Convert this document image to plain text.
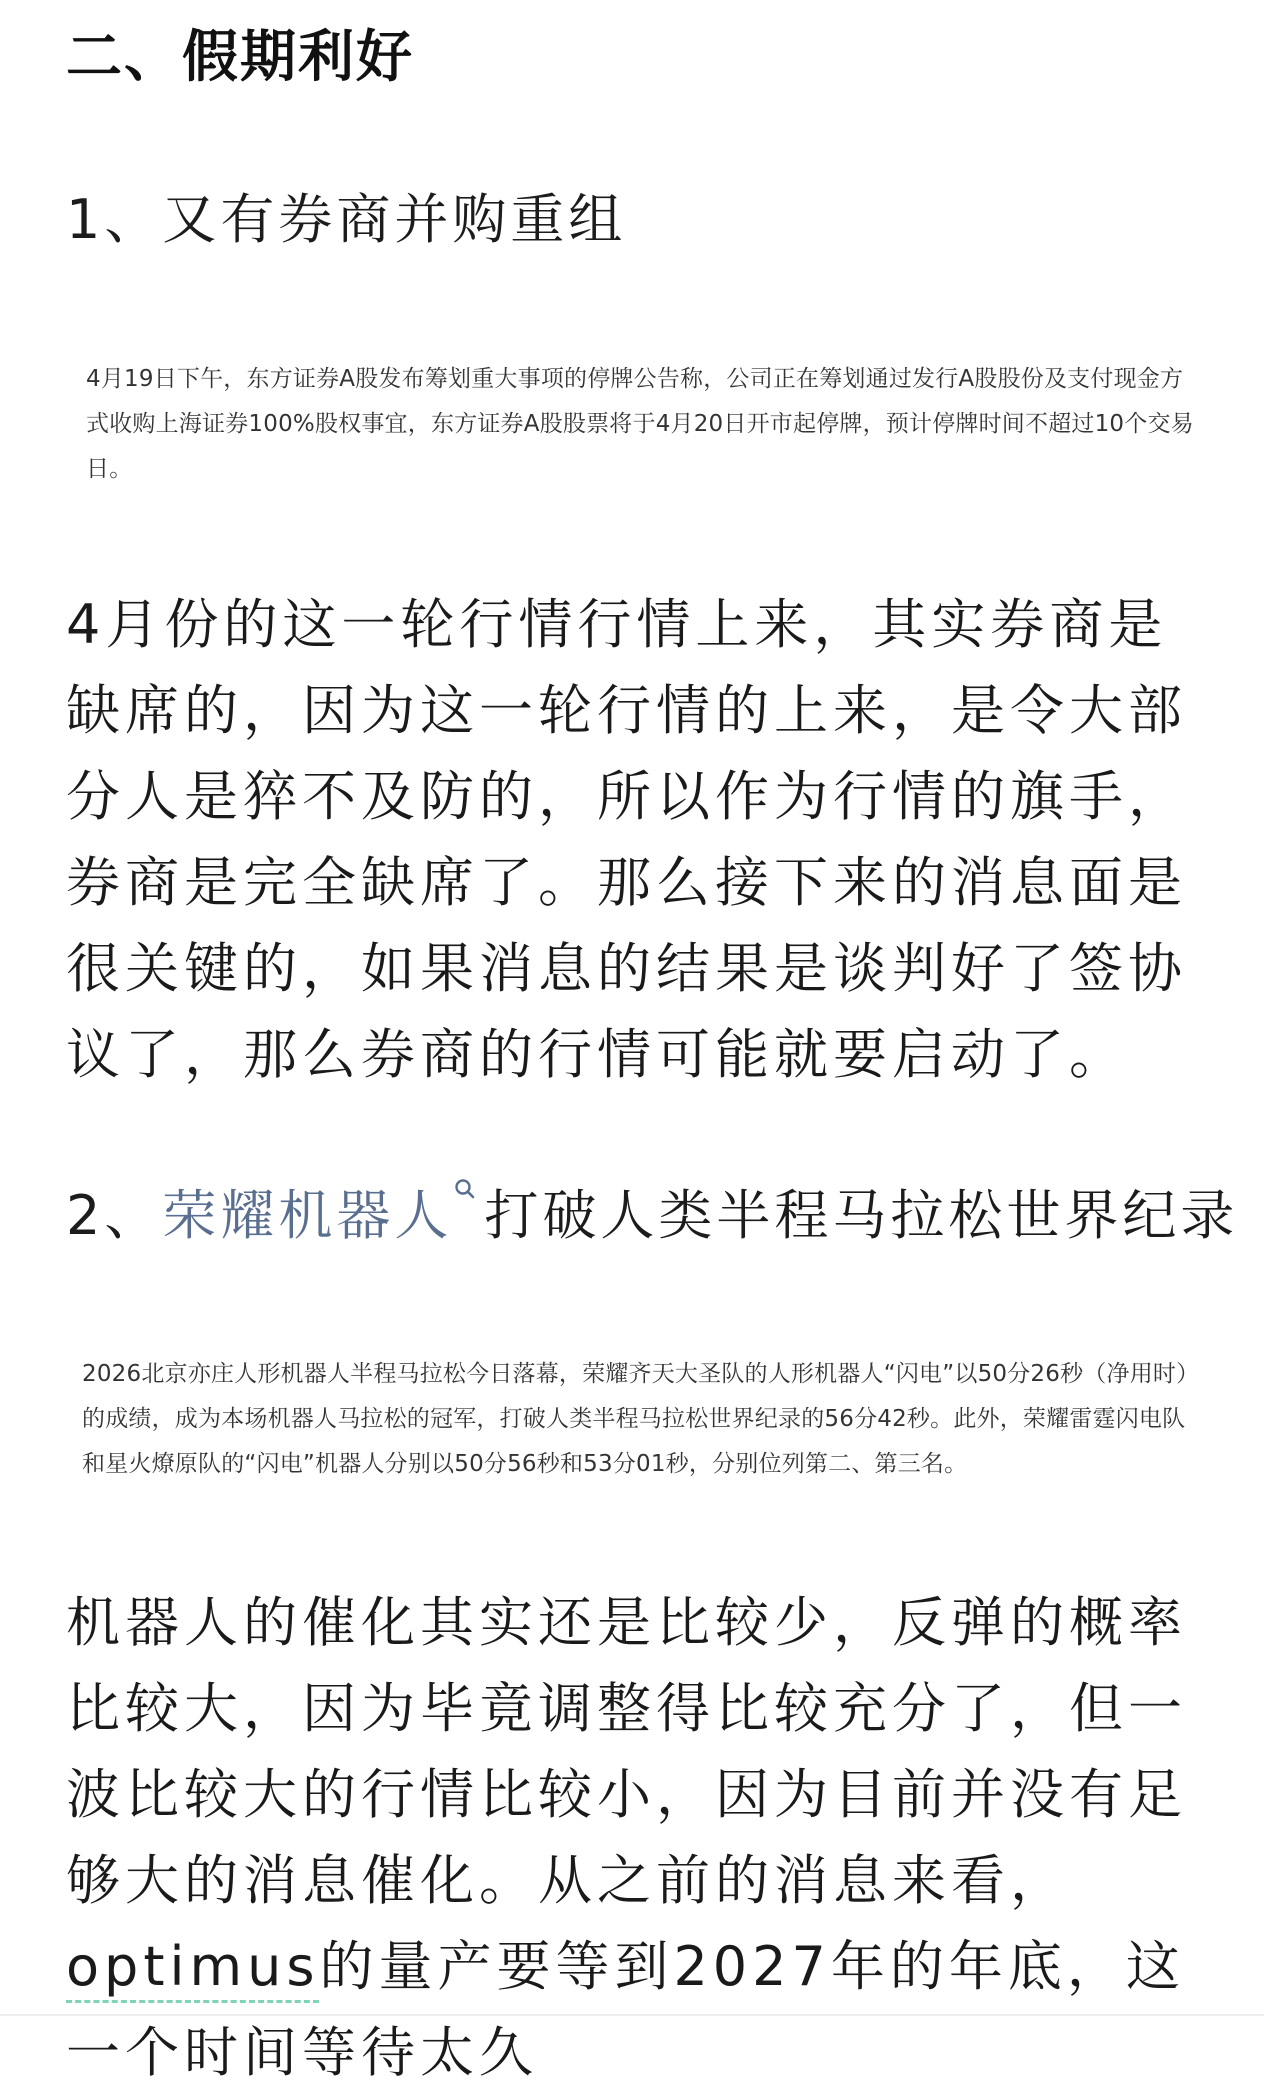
二、假期利好
1、又有券商并购重组

4月19日下午，东方证券A股发布筹划重大事项的停牌公告称，公司正在筹划通过发行A股股份及支付现金方式收购上海证券100%股权事宜，东方证券A股股票将于4月20日开市起停牌，预计停牌时间不超过10个交易日。

4月份的这一轮行情行情上来，其实券商是缺席的，因为这一轮行情的上来，是令大部分人是猝不及防的，所以作为行情的旗手，券商是完全缺席了。那么接下来的消息面是很关键的，如果消息的结果是谈判好了签协议了，那么券商的行情可能就要启动了。

2、荣耀机器人 打破人类半程马拉松世界纪录

2026北京亦庄人形机器人半程马拉松今日落幕，荣耀齐天大圣队的人形机器人“闪电”以50分26秒（净用时）的成绩，成为本场机器人马拉松的冠军，打破人类半程马拉松世界纪录的56分42秒。此外，荣耀雷霆闪电队和星火燎原队的“闪电”机器人分别以50分56秒和53分01秒，分别位列第二、第三名。

机器人的催化其实还是比较少，反弹的概率比较大，因为毕竟调整得比较充分了，但一波比较大的行情比较小，因为目前并没有足够大的消息催化。从之前的消息来看，optimus的量产要等到2027年的年底，这一个时间等待太久
